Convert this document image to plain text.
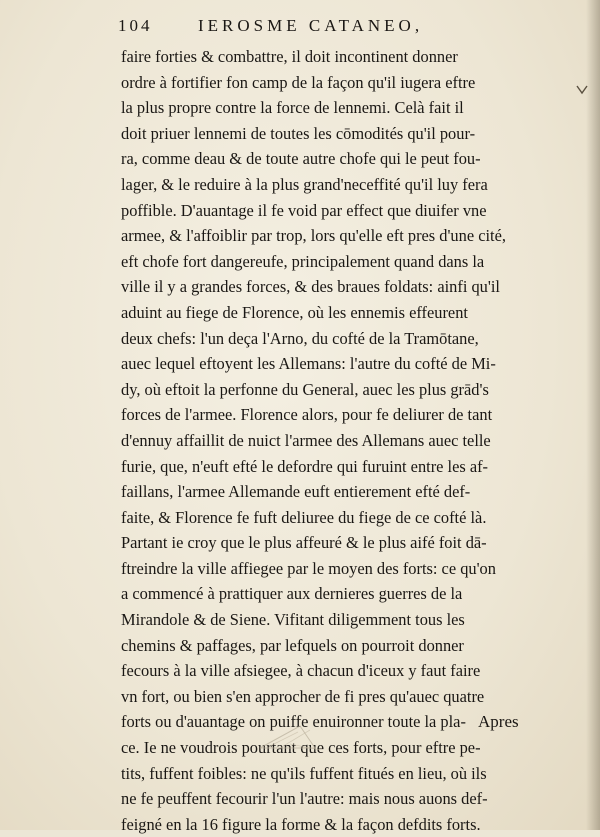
104	IEROSME CATANEO,
faire forties & combattre, il doit incontinent donner
ordre à fortifier fon camp de la façon qu'il iugera eftre
la plus propre contre la force de lennemi. Celà fait il
doit priuer lennemi de toutes les cōmodités qu'il pour-
ra, comme deau & de toute autre chofe qui le peut fou-
lager, & le reduire à la plus grand'neceffité qu'il luy fera
poffible. D'auantage il fe void par effect que diuifer vne
armee, & l'affoiblir par trop, lors qu'elle eft pres d'une cité,
eft chofe fort dangereufe, principalement quand dans la
ville il y a grandes forces, & des braues foldats: ainfi qu'il
aduint au fiege de Florence, où les ennemis effeurent
deux chefs: l'un deça l'Arno, du cofté de la Tramōtane,
auec lequel eftoyent les Allemans: l'autre du cofté de Mi-
dy, où eftoit la perfonne du General, auec les plus grād's
forces de l'armee. Florence alors, pour fe deliurer de tant
d'ennuy affaillit de nuict l'armee des Allemans auec telle
furie, que, n'euft efté le defordre qui furuint entre les af-
faillans, l'armee Allemande euft entierement efté def-
faite, & Florence fe fuft deliuree du fiege de ce cofté là.
Partant ie croy que le plus affeuré & le plus aifé foit dā-
ftreindre la ville affiegee par le moyen des forts: ce qu'on
a commencé à prattiquer aux dernieres guerres de la
Mirandole & de Siene. Vifitant diligemment tous les
chemins & paffages, par lefquels on pourroit donner
fecours à la ville afsiegee, à chacun d'iceux y faut faire
vn fort, ou bien s'en approcher de fi pres qu'auec quatre
forts ou d'auantage on puiffe enuironner toute la pla-
ce. Ie ne voudrois pourtant que ces forts, pour eftre pe-
tits, fuffent foibles: ne qu'ils fuffent fitués en lieu, où ils
ne fe peuffent fecourir l'un l'autre: mais nous auons def-
feigné en la 16 figure la forme & la façon defdits forts.
Apres
